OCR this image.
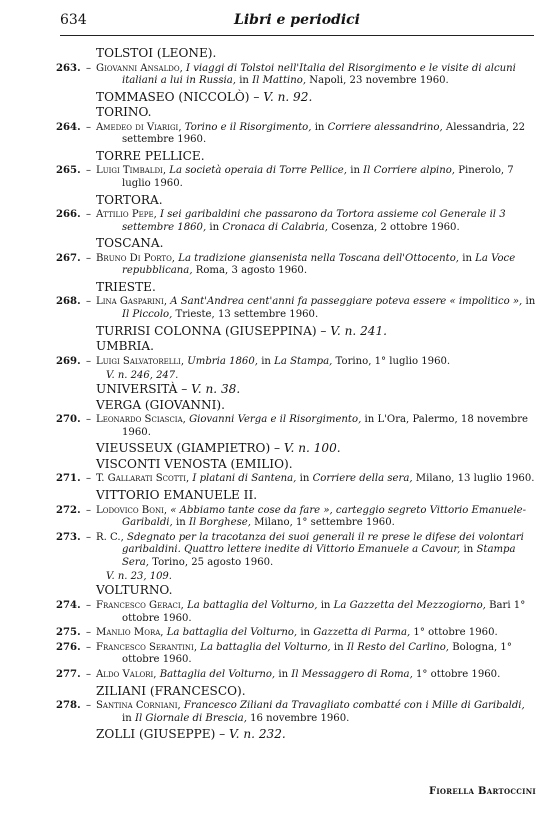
634	Libri e periodici
TOLSTOI (LEONE).
263. – Giovanni Ansaldo, I viaggi di Tolstoi nell'Italia del Risorgimento e le visite di alcuni italiani a lui in Russia, in Il Mattino, Napoli, 23 novembre 1960.

TOMMASEO (NICCOLÒ) – V. n. 92.
TORINO.
264. – Amedeo di Viarigi, Torino e il Risorgimento, in Corriere alessandrino, Alessandria, 22 settembre 1960.

TORRE PELLICE.
265. – Luigi Timbaldi, La società operaia di Torre Pellice, in Il Corriere alpino, Pinerolo, 7 luglio 1960.

TORTORA.
266. – Attilio Pepe, I sei garibaldini che passarono da Tortora assieme col Generale il 3 settembre 1860, in Cronaca di Calabria, Cosenza, 2 ottobre 1960.

TOSCANA.
267. – Bruno Di Porto, La tradizione giansenista nella Toscana dell'Ottocento, in La Voce repubblicana, Roma, 3 agosto 1960.

TRIESTE.
268. – Lina Gasparini, A Sant'Andrea cent'anni fa passeggiare poteva essere « impolitico », in Il Piccolo, Trieste, 13 settembre 1960.

TURRISI COLONNA (GIUSEPPINA) – V. n. 241.
UMBRIA.
269. – Luigi Salvatorelli, Umbria 1860, in La Stampa, Torino, 1° luglio 1960.

V. n. 246, 247.
UNIVERSITÀ – V. n. 38.
VERGA (GIOVANNI).
270. – Leonardo Sciascia, Giovanni Verga e il Risorgimento, in L'Ora, Palermo, 18 novembre 1960.

VIEUSSEUX (GIAMPIETRO) – V. n. 100.
VISCONTI VENOSTA (EMILIO).
271. – T. Gallarati Scotti, I platani di Santena, in Corriere della sera, Milano, 13 luglio 1960.

VITTORIO EMANUELE II.
272. – Lodovico Boni, « Abbiamo tante cose da fare », carteggio segreto Vittorio Emanuele-Garibaldi, in Il Borghese, Milano, 1° settembre 1960.

273. – R. C., Sdegnato per la tracotanza dei suoi generali il re prese le difese dei volontari garibaldini. Quattro lettere inedite di Vittorio Emanuele a Cavour, in Stampa Sera, Torino, 25 agosto 1960.

V. n. 23, 109.
VOLTURNO.
274. – Francesco Geraci, La battaglia del Volturno, in La Gazzetta del Mezzogiorno, Bari 1° ottobre 1960.

275. – Manlio Mora, La battaglia del Volturno, in Gazzetta di Parma, 1° ottobre 1960.

276. – Francesco Serantini, La battaglia del Volturno, in Il Resto del Carlino, Bologna, 1° ottobre 1960.

277. – Aldo Valori, Battaglia del Volturno, in Il Messaggero di Roma, 1° ottobre 1960.

ZILIANI (FRANCESCO).
278. – Santina Corniani, Francesco Ziliani da Travagliato combatté con i Mille di Garibaldi, in Il Giornale di Brescia, 16 novembre 1960.

ZOLLI (GIUSEPPE) – V. n. 232.
Fiorella Bartoccini
